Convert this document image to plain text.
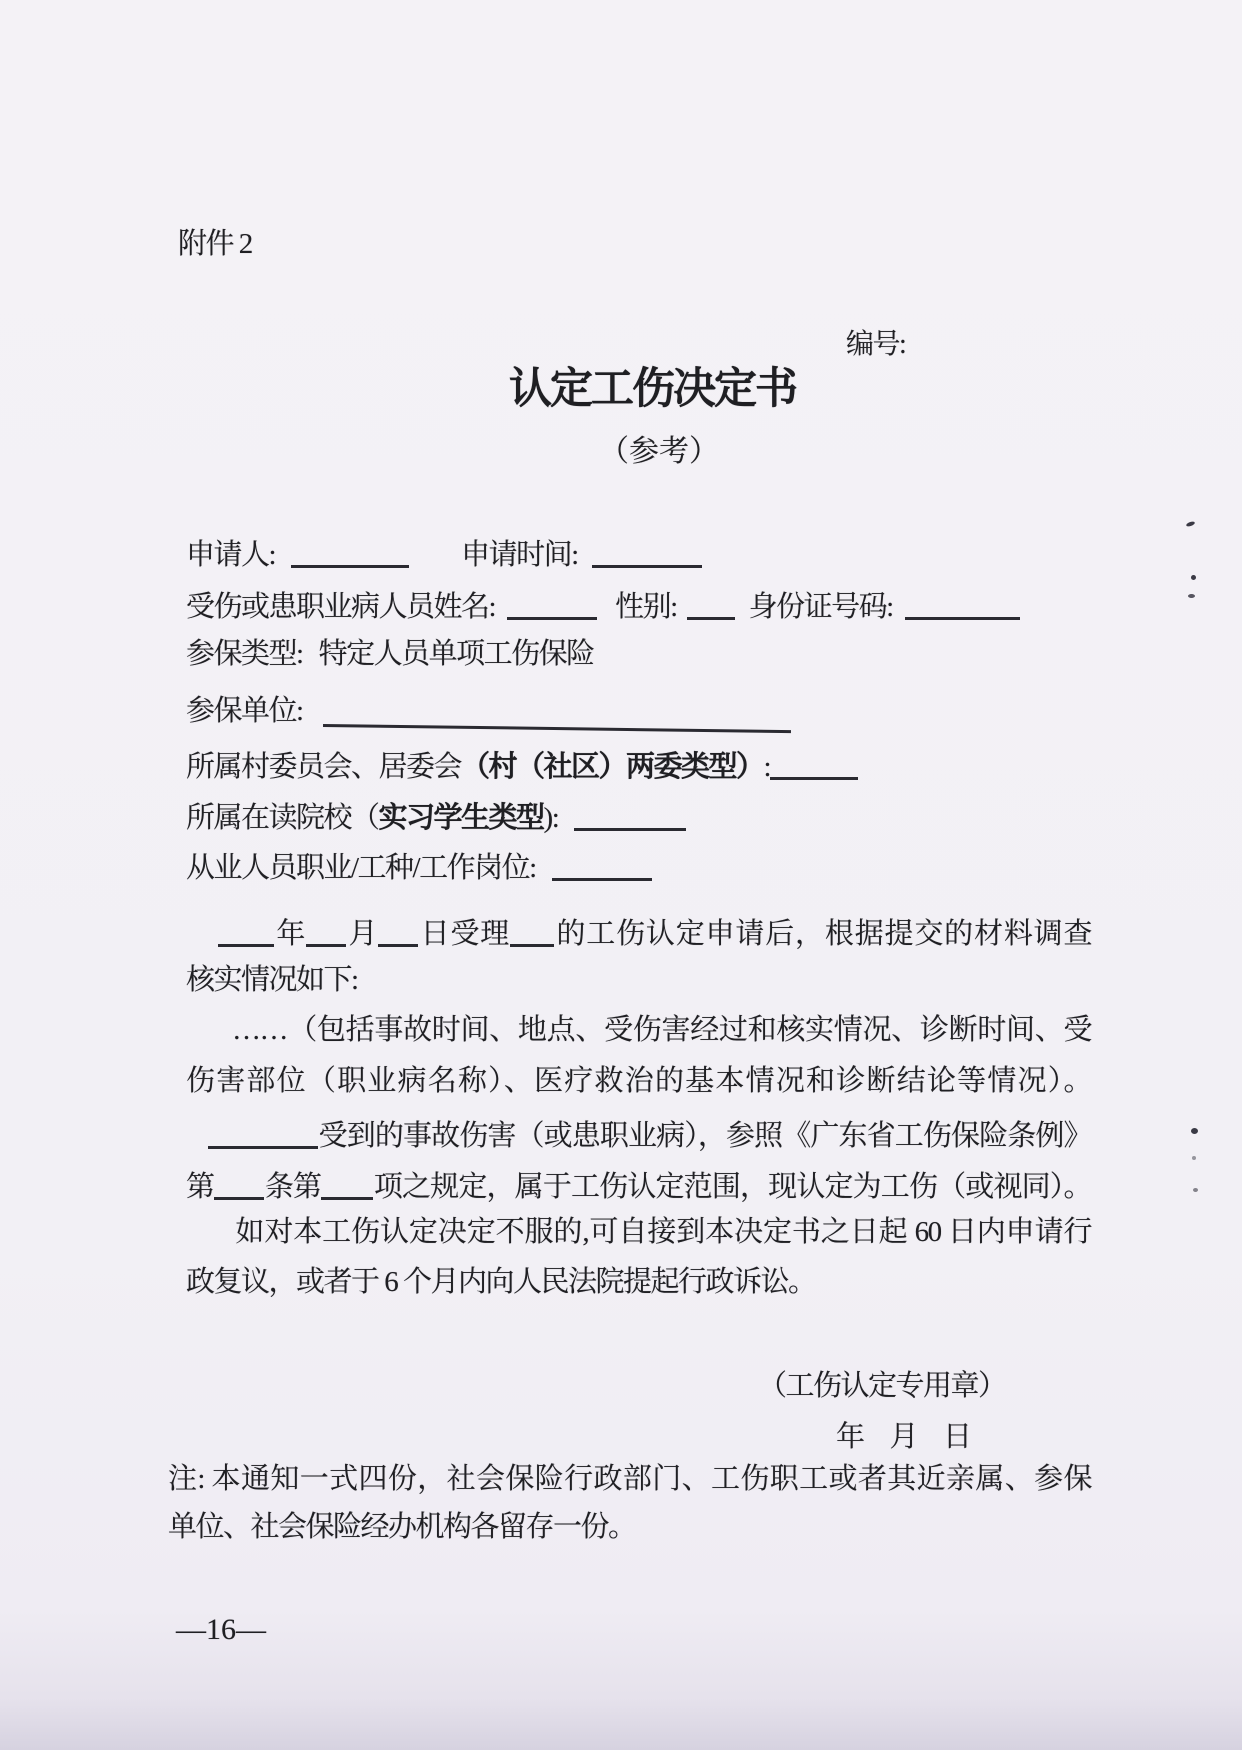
附件 2
编号:
认定工伤决定书
（参考）
申请人:	申请时间:
受伤或患职业病人员姓名:	性别: 身份证号码:
参保类型: 特定人员单项工伤保险
参保单位:
所属村委员会、居委会（村（社区）两委类型）:
所属在读院校（实习学生类型):
从业人员职业/工种/工作岗位:
年 月 日受理 的工伤认定申请后，根据提交的材料调查
核实情况如下:
……（包括事故时间、地点、受伤害经过和核实情况、诊断时间、受
伤害部位（职业病名称）、医疗救治的基本情况和诊断结论等情况）。
受到的事故伤害（或患职业病），参照《广东省工伤保险条例》
第 条第 项之规定，属于工伤认定范围，现认定为工伤（或视同）。
如对本工伤认定决定不服的,可自接到本决定书之日起 60 日内申请行
政复议，或者于 6 个月内向人民法院提起行政诉讼。
（工伤认定专用章）
年 月 日
注: 本通知一式四份，社会保险行政部门、工伤职工或者其近亲属、参保
单位、社会保险经办机构各留存一份。
—16—
